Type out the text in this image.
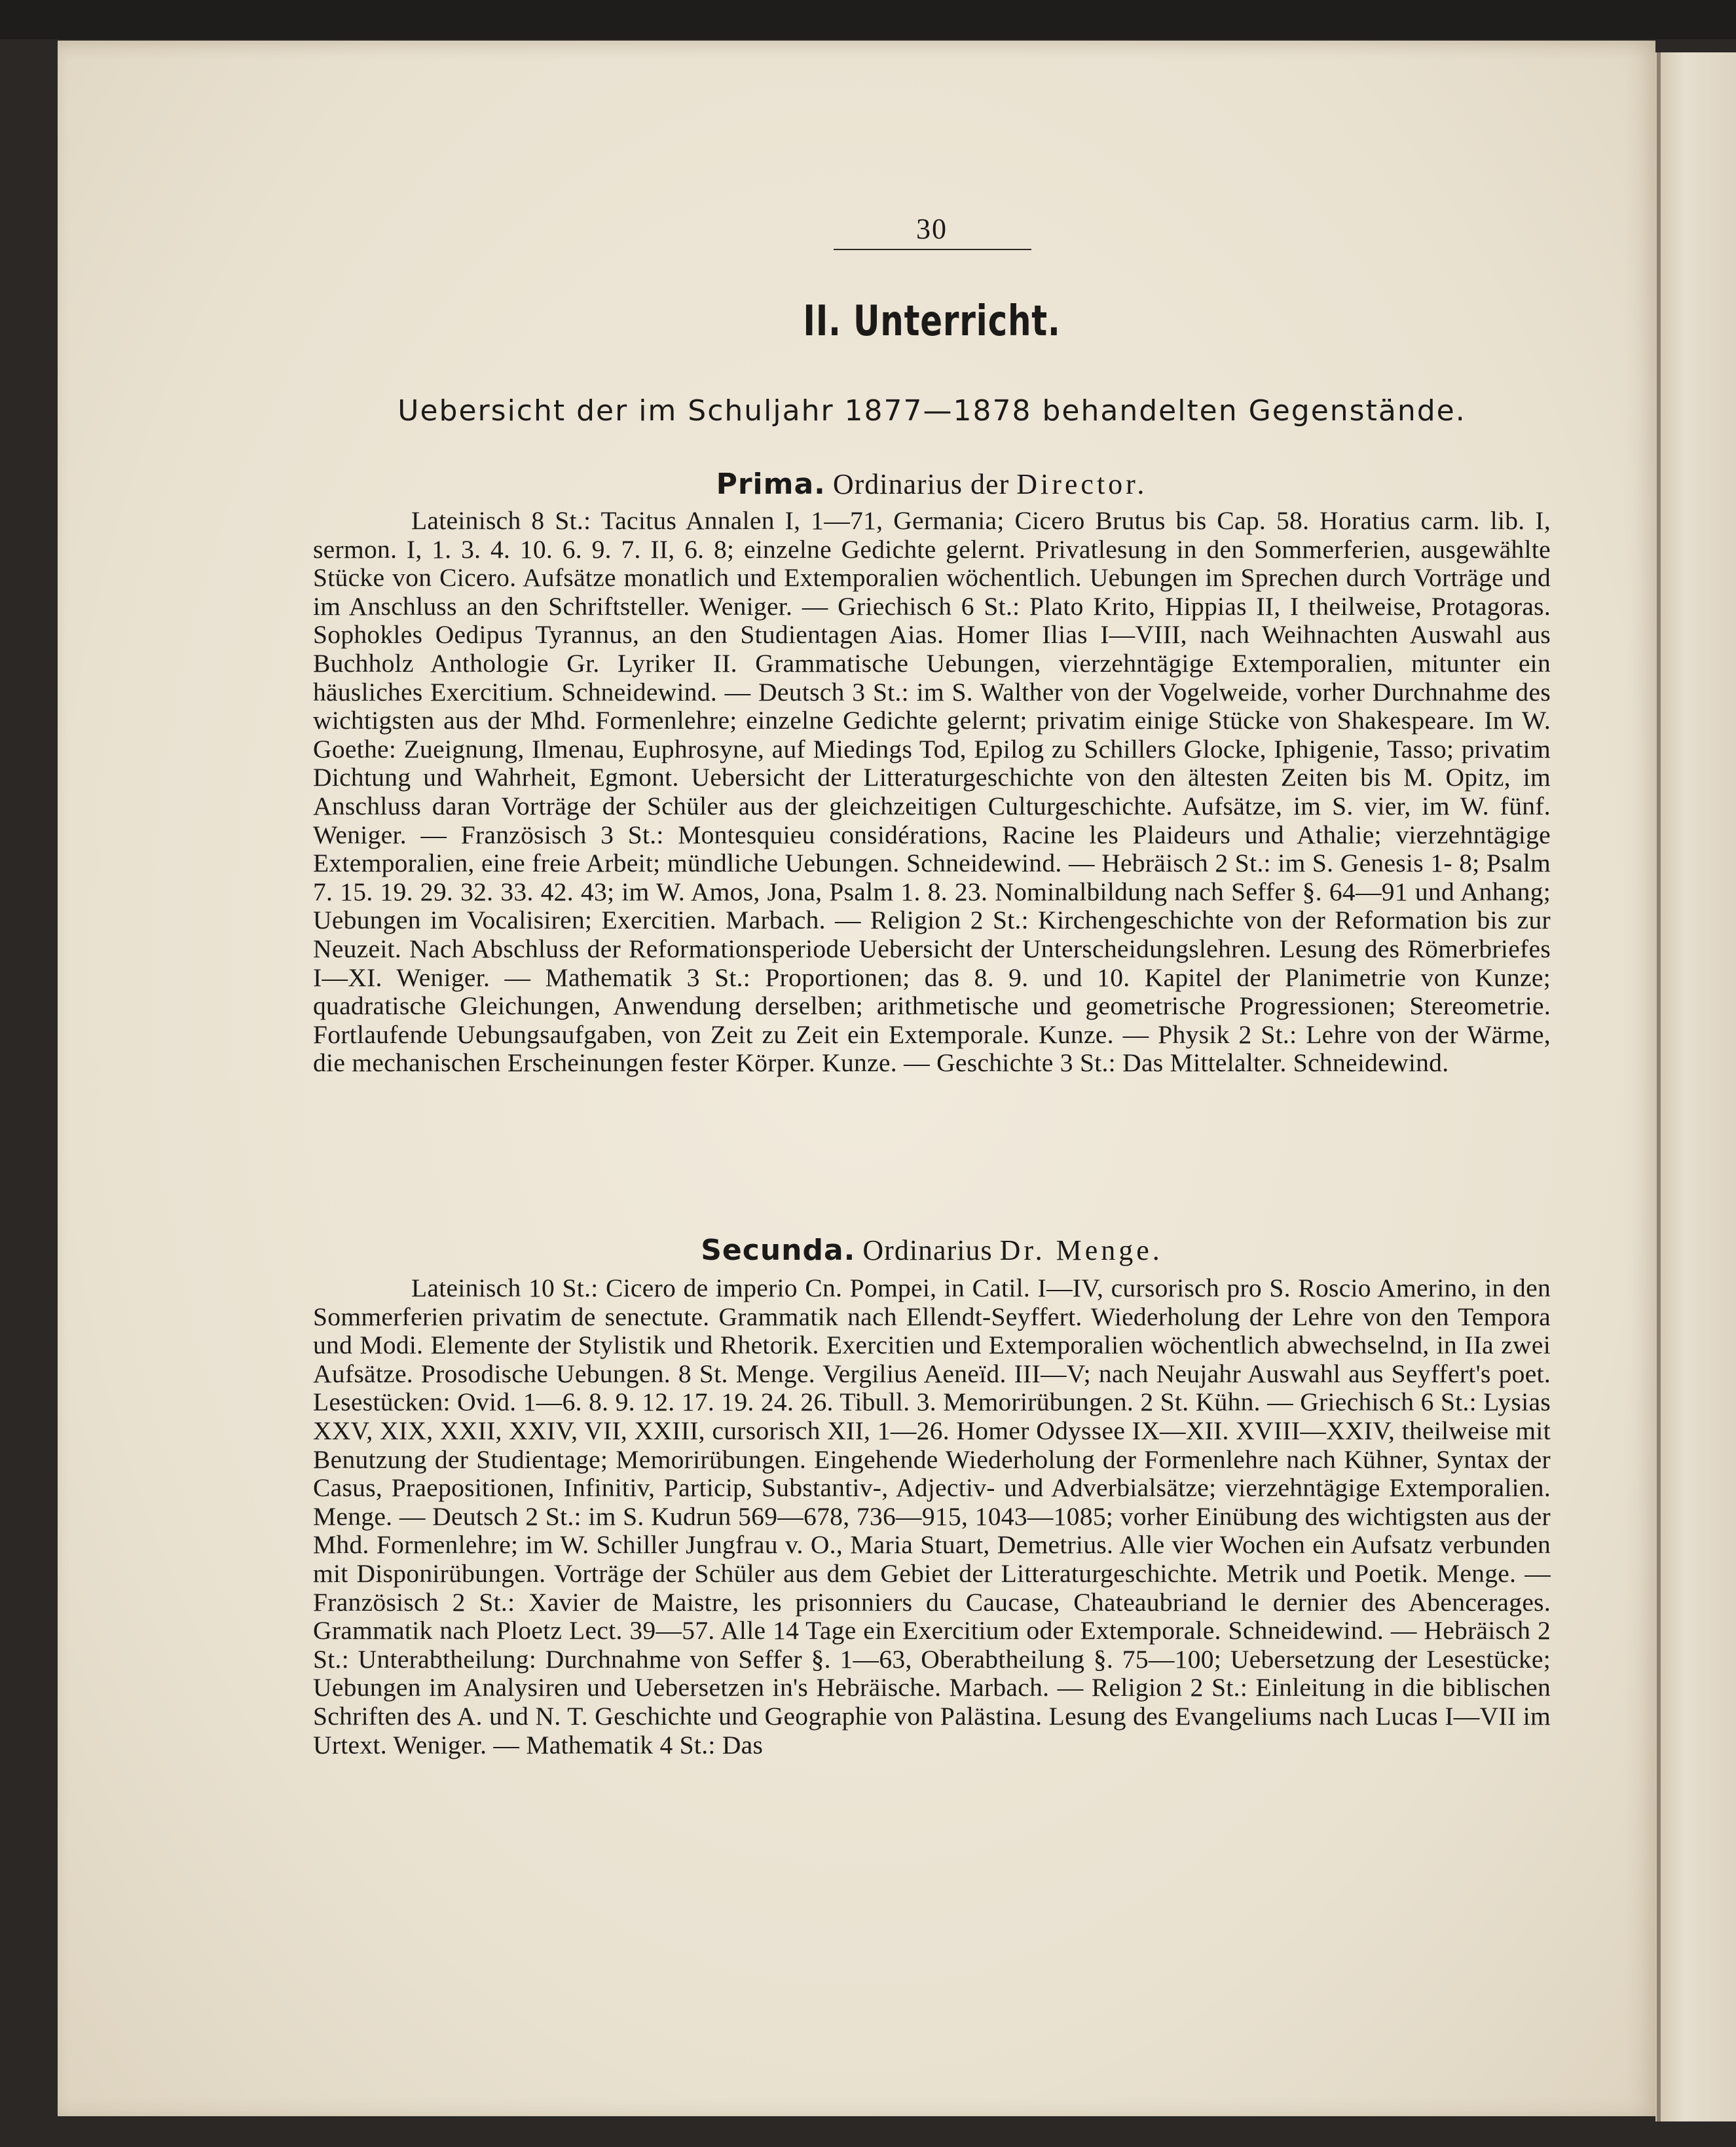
30
II. Unterricht.
Uebersicht der im Schuljahr 1877—1878 behandelten Gegenstände.
Prima. Ordinarius der Director.
Lateinisch 8 St.: Tacitus Annalen I, 1—71, Germania; Cicero Brutus bis Cap. 58. Horatius carm. lib. I, sermon. I, 1. 3. 4. 10. 6. 9. 7. II, 6. 8; einzelne Gedichte gelernt. Privatlesung in den Sommerferien, ausgewählte Stücke von Cicero. Aufsätze monatlich und Extemporalien wöchentlich. Uebungen im Sprechen durch Vorträge und im Anschluss an den Schriftsteller. Weniger. — Griechisch 6 St.: Plato Krito, Hippias II, I theilweise, Protagoras. Sophokles Oedipus Tyrannus, an den Studientagen Aias. Homer Ilias I—VIII, nach Weihnachten Auswahl aus Buchholz Anthologie Gr. Lyriker II. Grammatische Uebungen, vierzehntägige Extemporalien, mitunter ein häusliches Exercitium. Schneidewind. — Deutsch 3 St.: im S. Walther von der Vogelweide, vorher Durchnahme des wichtigsten aus der Mhd. Formenlehre; einzelne Gedichte gelernt; privatim einige Stücke von Shakespeare. Im W. Goethe: Zueignung, Ilmenau, Euphrosyne, auf Miedings Tod, Epilog zu Schillers Glocke, Iphigenie, Tasso; privatim Dichtung und Wahrheit, Egmont. Uebersicht der Litteraturgeschichte von den ältesten Zeiten bis M. Opitz, im Anschluss daran Vorträge der Schüler aus der gleichzeitigen Culturgeschichte. Aufsätze, im S. vier, im W. fünf. Weniger. — Französisch 3 St.: Montesquieu considérations, Racine les Plaideurs und Athalie; vierzehntägige Extemporalien, eine freie Arbeit; mündliche Uebungen. Schneidewind. — Hebräisch 2 St.: im S. Genesis 1- 8; Psalm 7. 15. 19. 29. 32. 33. 42. 43; im W. Amos, Jona, Psalm 1. 8. 23. Nominalbildung nach Seffer §. 64—91 und Anhang; Uebungen im Vocalisiren; Exercitien. Marbach. — Religion 2 St.: Kirchengeschichte von der Reformation bis zur Neuzeit. Nach Abschluss der Reformationsperiode Uebersicht der Unterscheidungslehren. Lesung des Römerbriefes I—XI. Weniger. — Mathematik 3 St.: Proportionen; das 8. 9. und 10. Kapitel der Planimetrie von Kunze; quadratische Gleichungen, Anwendung derselben; arithmetische und geometrische Progressionen; Stereometrie. Fortlaufende Uebungsaufgaben, von Zeit zu Zeit ein Extemporale. Kunze. — Physik 2 St.: Lehre von der Wärme, die mechanischen Erscheinungen fester Körper. Kunze. — Geschichte 3 St.: Das Mittelalter. Schneidewind.
Secunda. Ordinarius Dr. Menge.
Lateinisch 10 St.: Cicero de imperio Cn. Pompei, in Catil. I—IV, cursorisch pro S. Roscio Amerino, in den Sommerferien privatim de senectute. Grammatik nach Ellendt-Seyffert. Wiederholung der Lehre von den Tempora und Modi. Elemente der Stylistik und Rhetorik. Exercitien und Extemporalien wöchentlich abwechselnd, in IIa zwei Aufsätze. Prosodische Uebungen. 8 St. Menge. Vergilius Aeneïd. III—V; nach Neujahr Auswahl aus Seyffert's poet. Lesestücken: Ovid. 1—6. 8. 9. 12. 17. 19. 24. 26. Tibull. 3. Memorirübungen. 2 St. Kühn. — Griechisch 6 St.: Lysias XXV, XIX, XXII, XXIV, VII, XXIII, cursorisch XII, 1—26. Homer Odyssee IX—XII. XVIII—XXIV, theilweise mit Benutzung der Studientage; Memorirübungen. Eingehende Wiederholung der Formenlehre nach Kühner, Syntax der Casus, Praepositionen, Infinitiv, Particip, Substantiv-, Adjectiv- und Adverbialsätze; vierzehntägige Extemporalien. Menge. — Deutsch 2 St.: im S. Kudrun 569—678, 736—915, 1043—1085; vorher Einübung des wichtigsten aus der Mhd. Formenlehre; im W. Schiller Jungfrau v. O., Maria Stuart, Demetrius. Alle vier Wochen ein Aufsatz verbunden mit Disponirübungen. Vorträge der Schüler aus dem Gebiet der Litteraturgeschichte. Metrik und Poetik. Menge. — Französisch 2 St.: Xavier de Maistre, les prisonniers du Caucase, Chateaubriand le dernier des Abencerages. Grammatik nach Ploetz Lect. 39—57. Alle 14 Tage ein Exercitium oder Extemporale. Schneidewind. — Hebräisch 2 St.: Unterabtheilung: Durchnahme von Seffer §. 1—63, Oberabtheilung §. 75—100; Uebersetzung der Lesestücke; Uebungen im Analysiren und Uebersetzen in's Hebräische. Marbach. — Religion 2 St.: Einleitung in die biblischen Schriften des A. und N. T. Geschichte und Geographie von Palästina. Lesung des Evangeliums nach Lucas I—VII im Urtext. Weniger. — Mathematik 4 St.: Das
